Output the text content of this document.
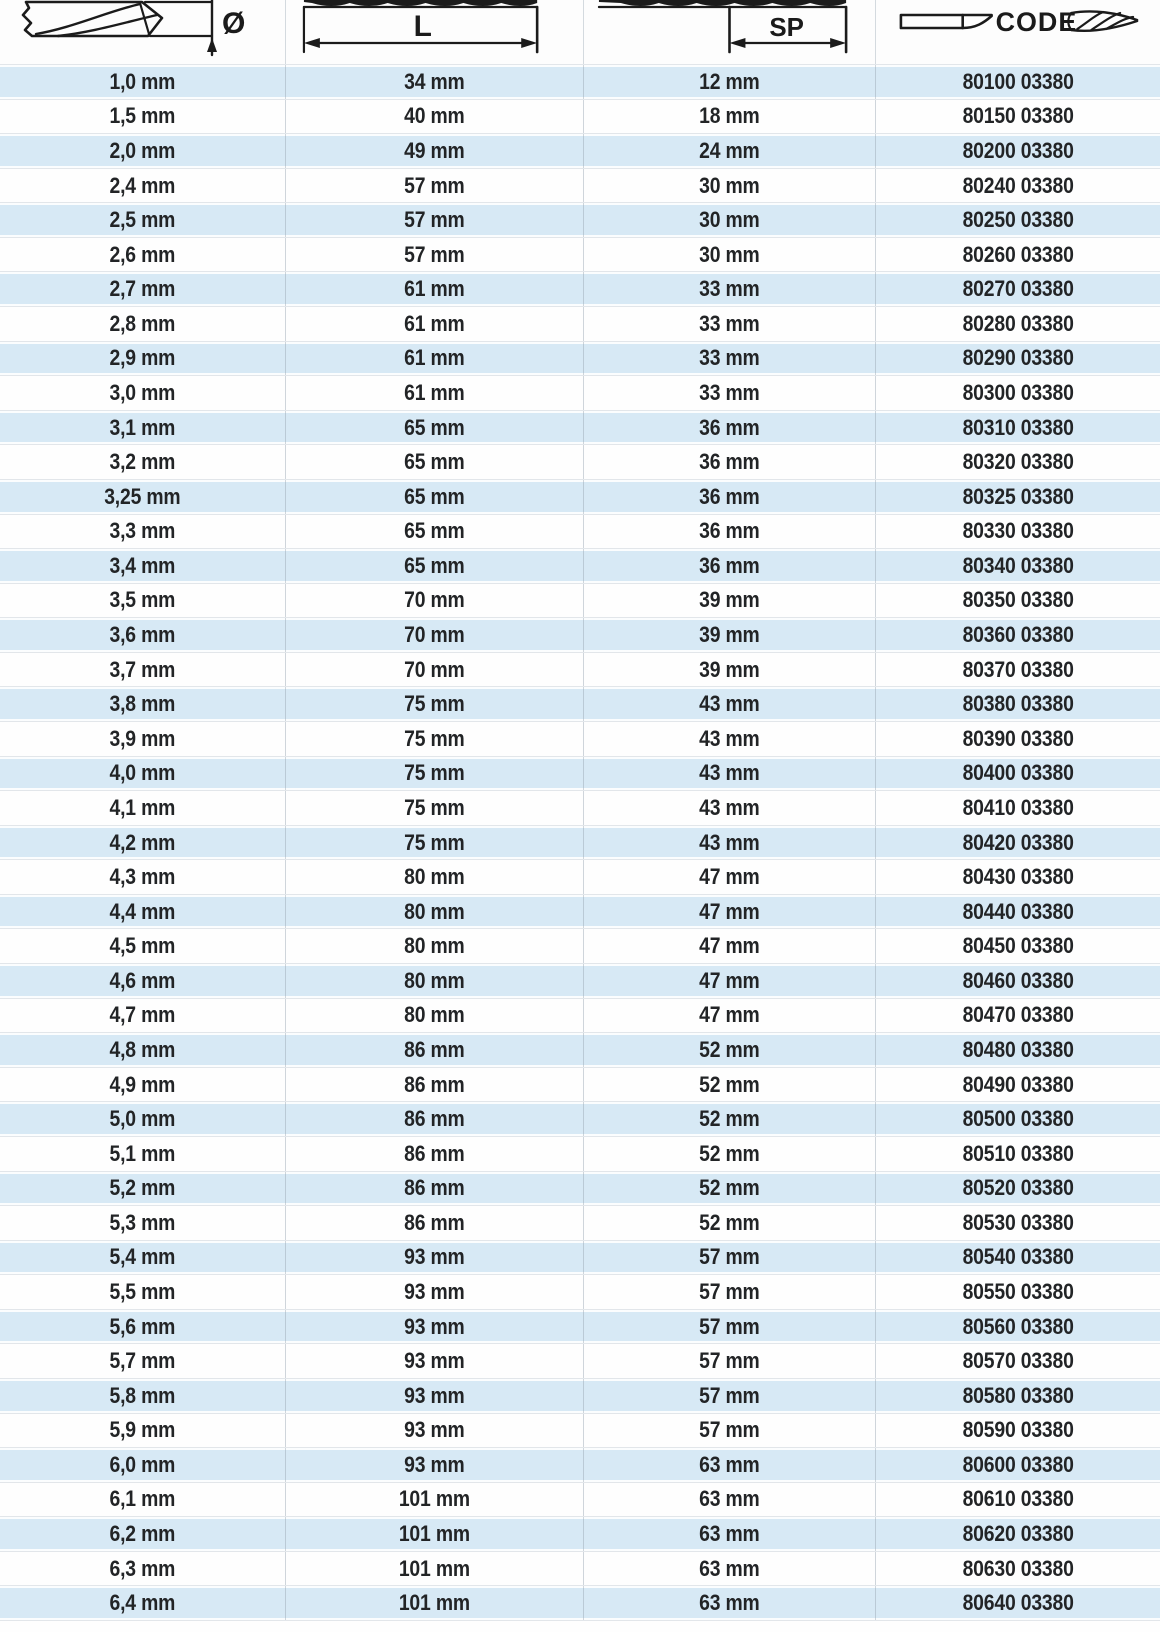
Ø	L	SP	CODE
1,0 mm	34 mm	12 mm	80100 03380
1,5 mm	40 mm	18 mm	80150 03380
2,0 mm	49 mm	24 mm	80200 03380
2,4 mm	57 mm	30 mm	80240 03380
2,5 mm	57 mm	30 mm	80250 03380
2,6 mm	57 mm	30 mm	80260 03380
2,7 mm	61 mm	33 mm	80270 03380
2,8 mm	61 mm	33 mm	80280 03380
2,9 mm	61 mm	33 mm	80290 03380
3,0 mm	61 mm	33 mm	80300 03380
3,1 mm	65 mm	36 mm	80310 03380
3,2 mm	65 mm	36 mm	80320 03380
3,25 mm	65 mm	36 mm	80325 03380
3,3 mm	65 mm	36 mm	80330 03380
3,4 mm	65 mm	36 mm	80340 03380
3,5 mm	70 mm	39 mm	80350 03380
3,6 mm	70 mm	39 mm	80360 03380
3,7 mm	70 mm	39 mm	80370 03380
3,8 mm	75 mm	43 mm	80380 03380
3,9 mm	75 mm	43 mm	80390 03380
4,0 mm	75 mm	43 mm	80400 03380
4,1 mm	75 mm	43 mm	80410 03380
4,2 mm	75 mm	43 mm	80420 03380
4,3 mm	80 mm	47 mm	80430 03380
4,4 mm	80 mm	47 mm	80440 03380
4,5 mm	80 mm	47 mm	80450 03380
4,6 mm	80 mm	47 mm	80460 03380
4,7 mm	80 mm	47 mm	80470 03380
4,8 mm	86 mm	52 mm	80480 03380
4,9 mm	86 mm	52 mm	80490 03380
5,0 mm	86 mm	52 mm	80500 03380
5,1 mm	86 mm	52 mm	80510 03380
5,2 mm	86 mm	52 mm	80520 03380
5,3 mm	86 mm	52 mm	80530 03380
5,4 mm	93 mm	57 mm	80540 03380
5,5 mm	93 mm	57 mm	80550 03380
5,6 mm	93 mm	57 mm	80560 03380
5,7 mm	93 mm	57 mm	80570 03380
5,8 mm	93 mm	57 mm	80580 03380
5,9 mm	93 mm	57 mm	80590 03380
6,0 mm	93 mm	63 mm	80600 03380
6,1 mm	101 mm	63 mm	80610 03380
6,2 mm	101 mm	63 mm	80620 03380
6,3 mm	101 mm	63 mm	80630 03380
6,4 mm	101 mm	63 mm	80640 03380
